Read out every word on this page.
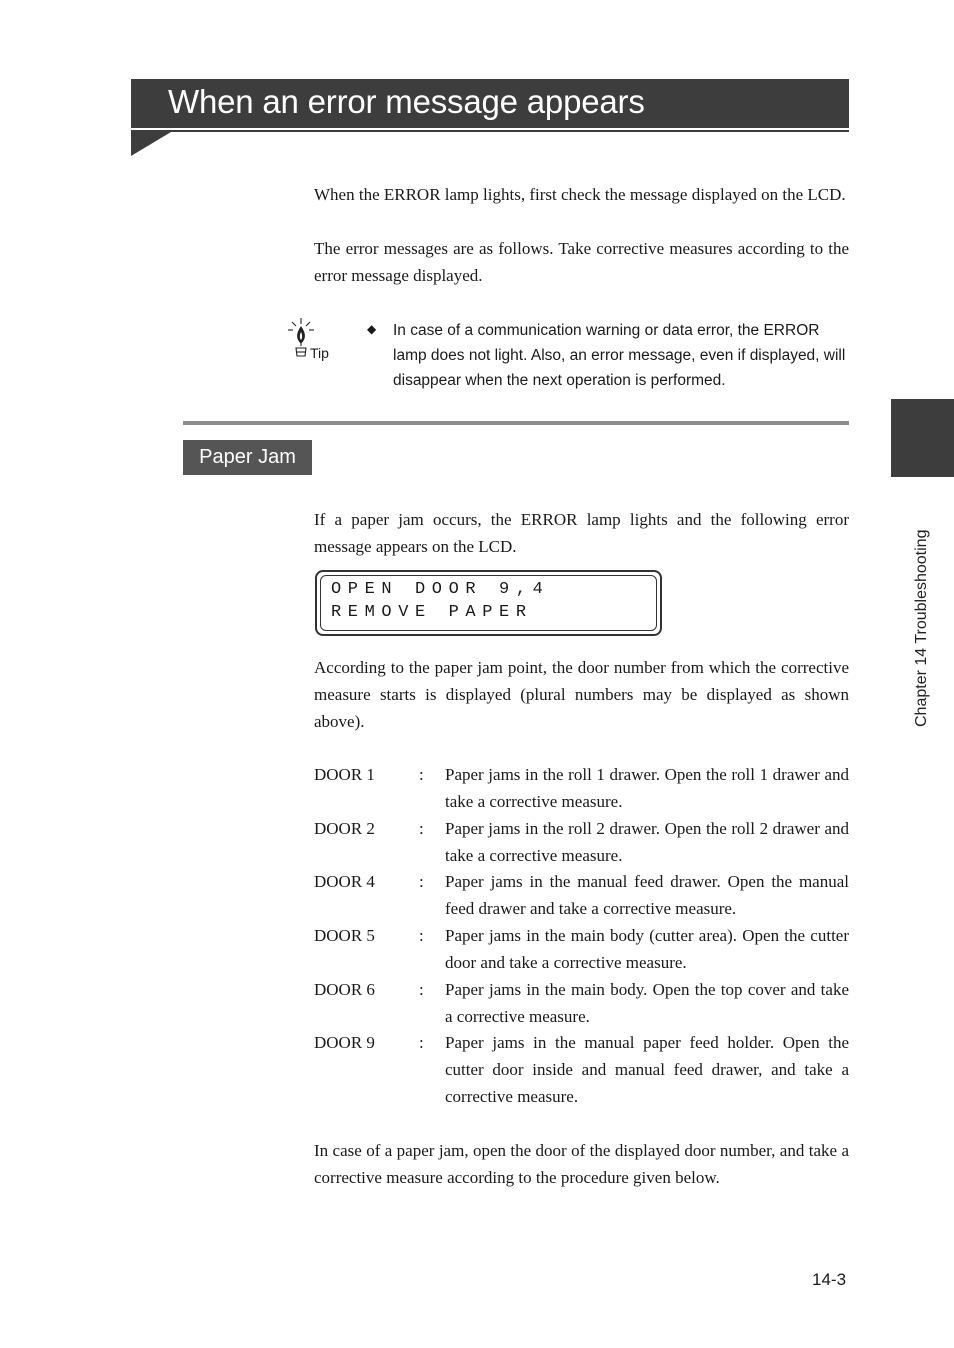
When an error message appears

When the ERROR lamp lights, first check the message displayed on the LCD.

The error messages are as follows. Take corrective measures according to the error message displayed.

Tip
◆ In case of a communication warning or data error, the ERROR lamp does not light. Also, an error message, even if displayed, will disappear when the next operation is performed.

Paper Jam
Chapter 14 Troubleshooting

If a paper jam occurs, the ERROR lamp lights and the following error message appears on the LCD.

OPEN DOOR 9,4
REMOVE PAPER

According to the paper jam point, the door number from which the corrective measure starts is displayed (plural numbers may be displayed as shown above).

DOOR 1	: Paper jams in the roll 1 drawer. Open the roll 1 drawer and take a corrective measure.

DOOR 2	: Paper jams in the roll 2 drawer. Open the roll 2 drawer and take a corrective measure.

DOOR 4	: Paper jams in the manual feed drawer. Open the manual feed drawer and take a corrective measure.

DOOR 5	: Paper jams in the main body (cutter area). Open the cutter door and take a corrective measure.

DOOR 6	: Paper jams in the main body. Open the top cover and take a corrective measure.

DOOR 9	: Paper jams in the manual paper feed holder. Open the cutter door inside and manual feed drawer, and take a corrective measure.

In case of a paper jam, open the door of the displayed door number, and take a corrective measure according to the procedure given below.

14-3
